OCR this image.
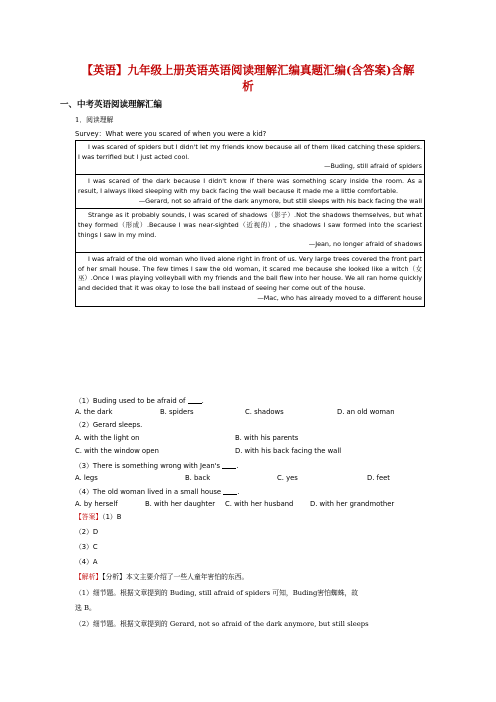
【英语】九年级上册英语英语阅读理解汇编真题汇编(含答案)含解
析
一、中考英语阅读理解汇编
1．阅读理解
Survey：What were you scared of when you were a kid?
I was scared of spiders but I didn't let my friends know because all of them liked catching these spiders. I was terrified but I just acted cool.
—Buding, still afraid of spiders

I was scared of the dark because I didn't know if there was something scary inside the room. As a result, I always liked sleeping with my back facing the wall because it made me a little comfortable.
—Gerard, not so afraid of the dark anymore, but still sleeps with his back facing the wall

Strange as it probably sounds, I was scared of shadows（影子）.Not the shadows themselves, but what they formed（形成）.Because I was near-sighted（近视的）, the shadows I saw formed into the scariest things I saw in my mind.
—Jean, no longer afraid of shadows

I was afraid of the old woman who lived alone right in front of us. Very large trees covered the front part of her small house. The few times I saw the old woman, it scared me because she looked like a witch（女巫）.Once I was playing volleyball with my friends and the ball flew into her house. We all ran home quickly and decided that it was okay to lose the ball instead of seeing her come out of the house.
—Mac, who has already moved to a different house
（1）Buding used to be afraid of .
A. the dark	B. spiders	C. shadows	D. an old woman
（2）Gerard sleeps.
A. with the light on	B. with his parents
C. with the window open	D. with his back facing the wall
（3）There is something wrong with Jean's .
A. legs	B. back	C. yes	D. feet
（4）The old woman lived in a small house .
A. by herself	B. with her daughter C. with her husband D. with her grandmother
【答案】（1）B
（2）D
（3）C
（4）A
【解析】【分析】本文主要介绍了一些人童年害怕的东西。
（1）细节题。根据文章提到的 Buding, still afraid of spiders 可知，Buding害怕蜘蛛，故
选 B。
（2）细节题。根据文章提到的 Gerard, not so afraid of the dark anymore, but still sleeps
